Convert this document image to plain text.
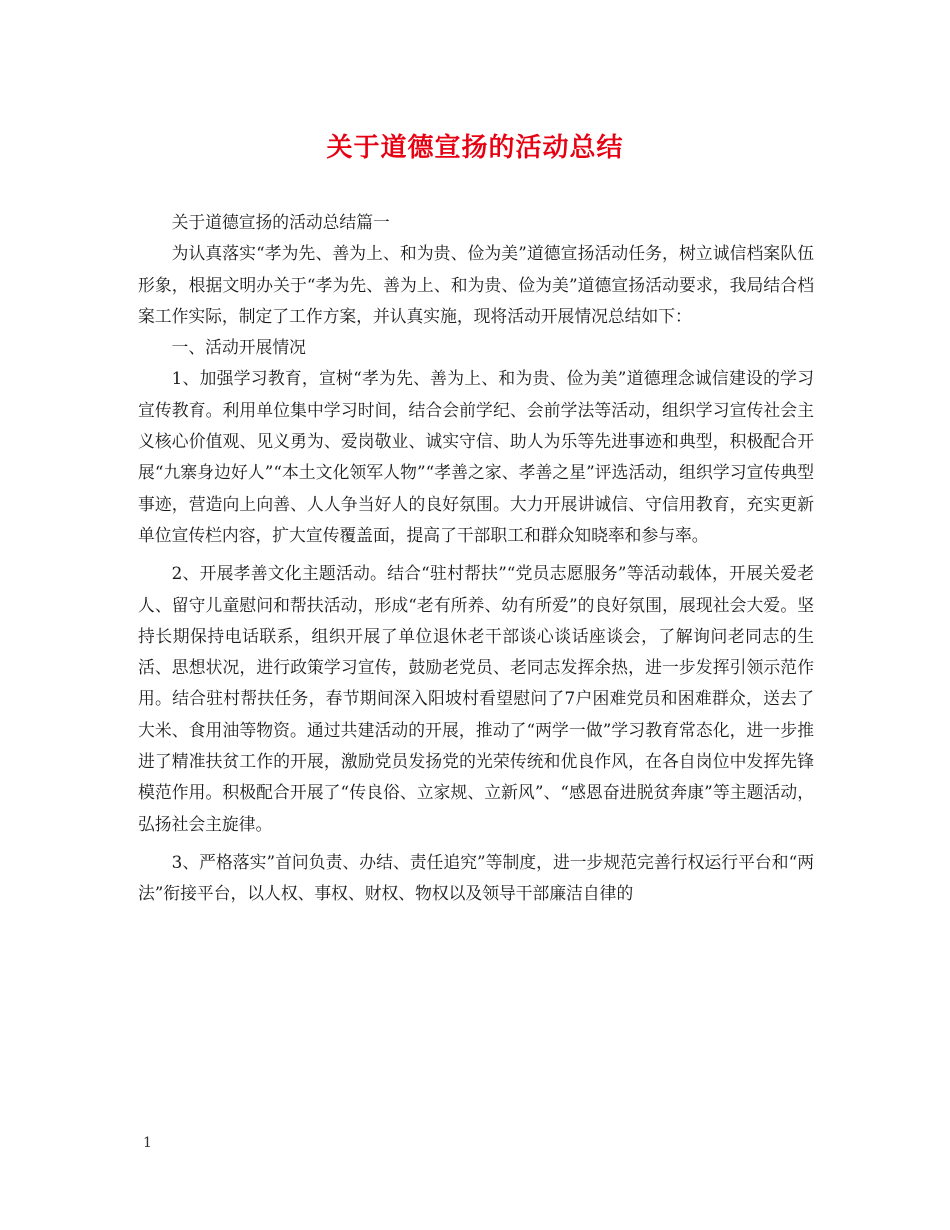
关于道德宣扬的活动总结

关于道德宣扬的活动总结篇一

为认真落实“孝为先、善为上、和为贵、俭为美”道德宣扬活动任务，树立诚信档案队伍形象，根据文明办关于“孝为先、善为上、和为贵、俭为美”道德宣扬活动要求，我局结合档案工作实际，制定了工作方案，并认真实施，现将活动开展情况总结如下：

一、活动开展情况

1、加强学习教育，宣树“孝为先、善为上、和为贵、俭为美”道德理念诚信建设的学习宣传教育。利用单位集中学习时间，结合会前学纪、会前学法等活动，组织学习宣传社会主义核心价值观、见义勇为、爱岗敬业、诚实守信、助人为乐等先进事迹和典型，积极配合开展“九寨身边好人”“本土文化领军人物”“孝善之家、孝善之星”评选活动，组织学习宣传典型事迹，营造向上向善、人人争当好人的良好氛围。大力开展讲诚信、守信用教育，充实更新单位宣传栏内容，扩大宣传覆盖面，提高了干部职工和群众知晓率和参与率。

2、开展孝善文化主题活动。结合“驻村帮扶”“党员志愿服务”等活动载体，开展关爱老人、留守儿童慰问和帮扶活动，形成“老有所养、幼有所爱”的良好氛围，展现社会大爱。坚持长期保持电话联系，组织开展了单位退休老干部谈心谈话座谈会，了解询问老同志的生活、思想状况，进行政策学习宣传，鼓励老党员、老同志发挥余热，进一步发挥引领示范作用。结合驻村帮扶任务，春节期间深入阳坡村看望慰问了7户困难党员和困难群众，送去了大米、食用油等物资。通过共建活动的开展，推动了“两学一做”学习教育常态化，进一步推进了精准扶贫工作的开展，激励党员发扬党的光荣传统和优良作风，在各自岗位中发挥先锋模范作用。积极配合开展了“传良俗、立家规、立新风”、“感恩奋进脱贫奔康”等主题活动，弘扬社会主旋律。

3、严格落实”首问负责、办结、责任追究”等制度，进一步规范完善行权运行平台和“两法”衔接平台，以人权、事权、财权、物权以及领导干部廉洁自律的

1
